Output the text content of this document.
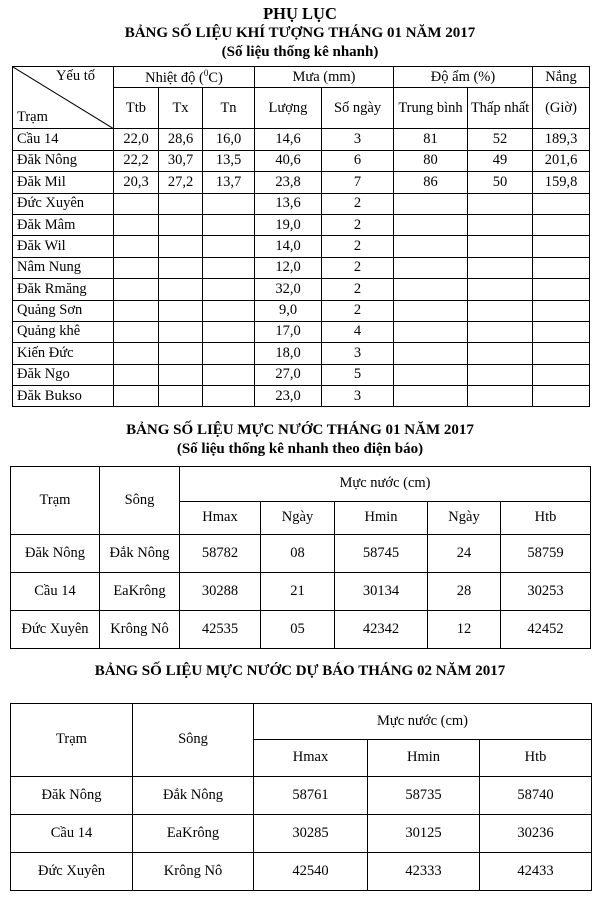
PHỤ LỤC
BẢNG SỐ LIỆU KHÍ TƯỢNG THÁNG 01 NĂM 2017
(Số liệu thống kê nhanh)
Yếu tố
Trạm	Nhiệt độ ($^0$C)			Mưa (mm)		Độ ẩm (%)		Nắng
	Ttb	Tx	Tn	Lượng	Số ngày	Trung bình	Thấp nhất	(Giờ)
Cầu 14	22,0	28,6	16,0	14,6	3	81	52	189,3
Đăk Nông	22,2	30,7	13,5	40,6	6	80	49	201,6
Đăk Mil	20,3	27,2	13,7	23,8	7	86	50	159,8
Đức Xuyên				13,6	2			
Đăk Mâm				19,0	2			
Đăk Wil				14,0	2			
Nâm Nung				12,0	2			
Đăk Rmăng				32,0	2			
Quảng Sơn				9,0	2			
Quảng khê				17,0	4			
Kiến Đức				18,0	3			
Đăk Ngo				27,0	5			
Đăk Bukso				23,0	3			
BẢNG SỐ LIỆU MỰC NƯỚC THÁNG 01 NĂM 2017
(Số liệu thống kê nhanh theo điện báo)
Trạm	Sông	Mực nước (cm)				
		Hmax	Ngày	Hmin	Ngày	Htb
Đăk Nông	Đắk Nông	58782	08	58745	24	58759
Cầu 14	EaKrông	30288	21	30134	28	30253
Đức Xuyên	Krông Nô	42535	05	42342	12	42452
BẢNG SỐ LIỆU MỰC NƯỚC DỰ BÁO THÁNG 02 NĂM 2017
Trạm	Sông	Mực nước (cm)		
		Hmax	Hmin	Htb
Đăk Nông	Đắk Nông	58761	58735	58740
Cầu 14	EaKrông	30285	30125	30236
Đức Xuyên	Krông Nô	42540	42333	42433
